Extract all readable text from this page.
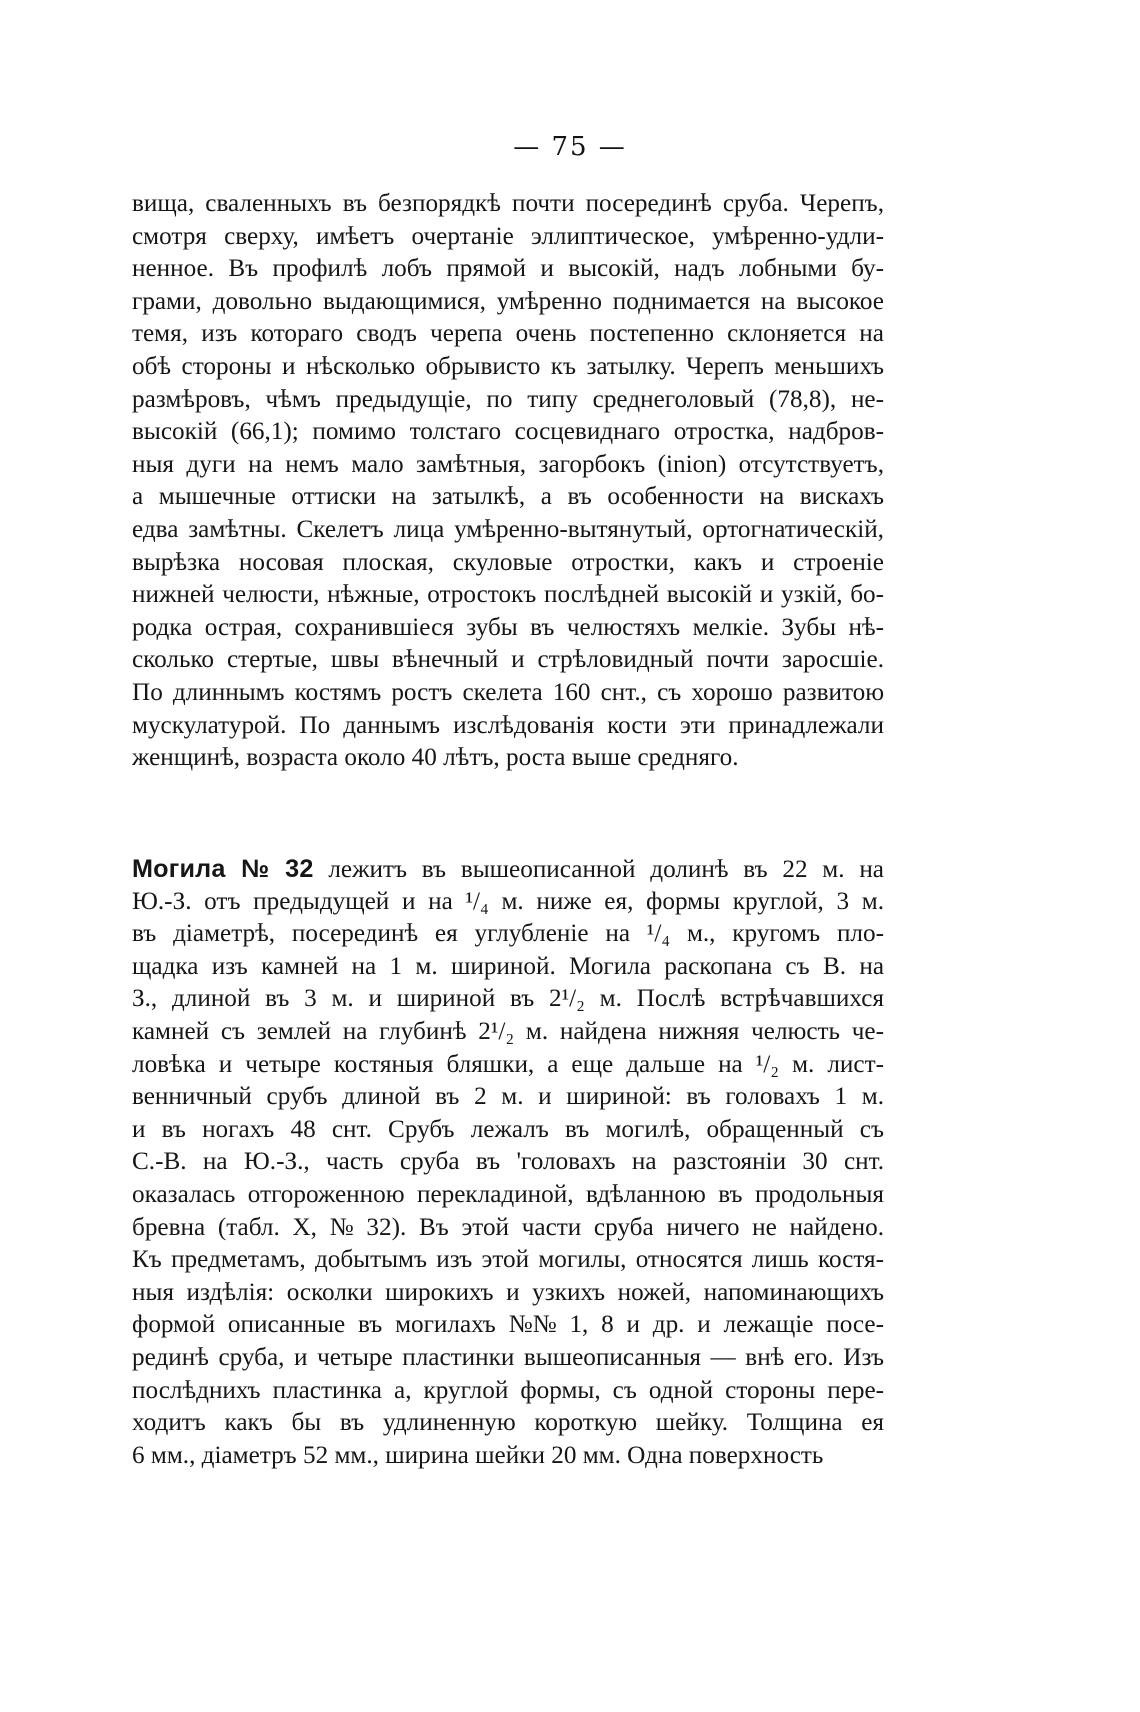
— 75 —
вища, сваленныхъ въ безпорядкѣ почти посерединѣ сруба. Черепъ,
смотря сверху, имѣетъ очертаніе эллиптическое, умѣренно-удли-
ненное. Въ профилѣ лобъ прямой и высокій, надъ лобными бу-
грами, довольно выдающимися, умѣренно поднимается на высокое
темя, изъ котораго сводъ черепа очень постепенно склоняется на
обѣ стороны и нѣсколько обрывисто къ затылку. Черепъ меньшихъ
размѣровъ, чѣмъ предыдущіе, по типу среднеголовый (78,8), не-
высокій (66,1); помимо толстаго сосцевиднаго отростка, надбров-
ныя дуги на немъ мало замѣтныя, загорбокъ (inion) отсутствуетъ,
а мышечные оттиски на затылкѣ, а въ особенности на вискахъ
едва замѣтны. Скелетъ лица умѣренно-вытянутый, ортогнатическій,
вырѣзка носовая плоская, скуловые отростки, какъ и строеніе
нижней челюсти, нѣжные, отростокъ послѣдней высокій и узкій, бо-
родка острая, сохранившіеся зубы въ челюстяхъ мелкіе. Зубы нѣ-
сколько стертые, швы вѣнечный и стрѣловидный почти заросшіе.
По длиннымъ костямъ ростъ скелета 160 снт., съ хорошо развитою
мускулатурой. По даннымъ изслѣдованія кости эти принадлежали
женщинѣ, возраста около 40 лѣтъ, роста выше средняго.
Могила № 32 лежитъ въ вышеописанной долинѣ въ 22 м. на
Ю.-З. отъ предыдущей и на ¹/₄ м. ниже ея, формы круглой, 3 м.
въ діаметрѣ, посерединѣ ея углубленіе на ¹/₄ м., кругомъ пло-
щадка изъ камней на 1 м. шириной. Могила раскопана съ В. на
З., длиной въ 3 м. и шириной въ 2¹/₂ м. Послѣ встрѣчавшихся
камней съ землей на глубинѣ 2¹/₂ м. найдена нижняя челюсть че-
ловѣка и четыре костяныя бляшки, а еще дальше на ¹/₂ м. лист-
венничный срубъ длиной въ 2 м. и шириной: въ головахъ 1 м.
и въ ногахъ 48 снт. Срубъ лежалъ въ могилѣ, обращенный съ
С.-В. на Ю.-З., часть сруба въ 'головахъ на разстояніи 30 снт.
оказалась отгороженною перекладиной, вдѣланною въ продольныя
бревна (табл. X, № 32). Въ этой части сруба ничего не найдено.
Къ предметамъ, добытымъ изъ этой могилы, относятся лишь костя-
ныя издѣлія: осколки широкихъ и узкихъ ножей, напоминающихъ
формой описанные въ могилахъ №№ 1, 8 и др. и лежащіе посе-
рединѣ сруба, и четыре пластинки вышеописанныя — внѣ его. Изъ
послѣднихъ пластинка a, круглой формы, съ одной стороны пере-
ходитъ какъ бы въ удлиненную короткую шейку. Толщина ея
6 мм., діаметръ 52 мм., ширина шейки 20 мм. Одна поверхность
